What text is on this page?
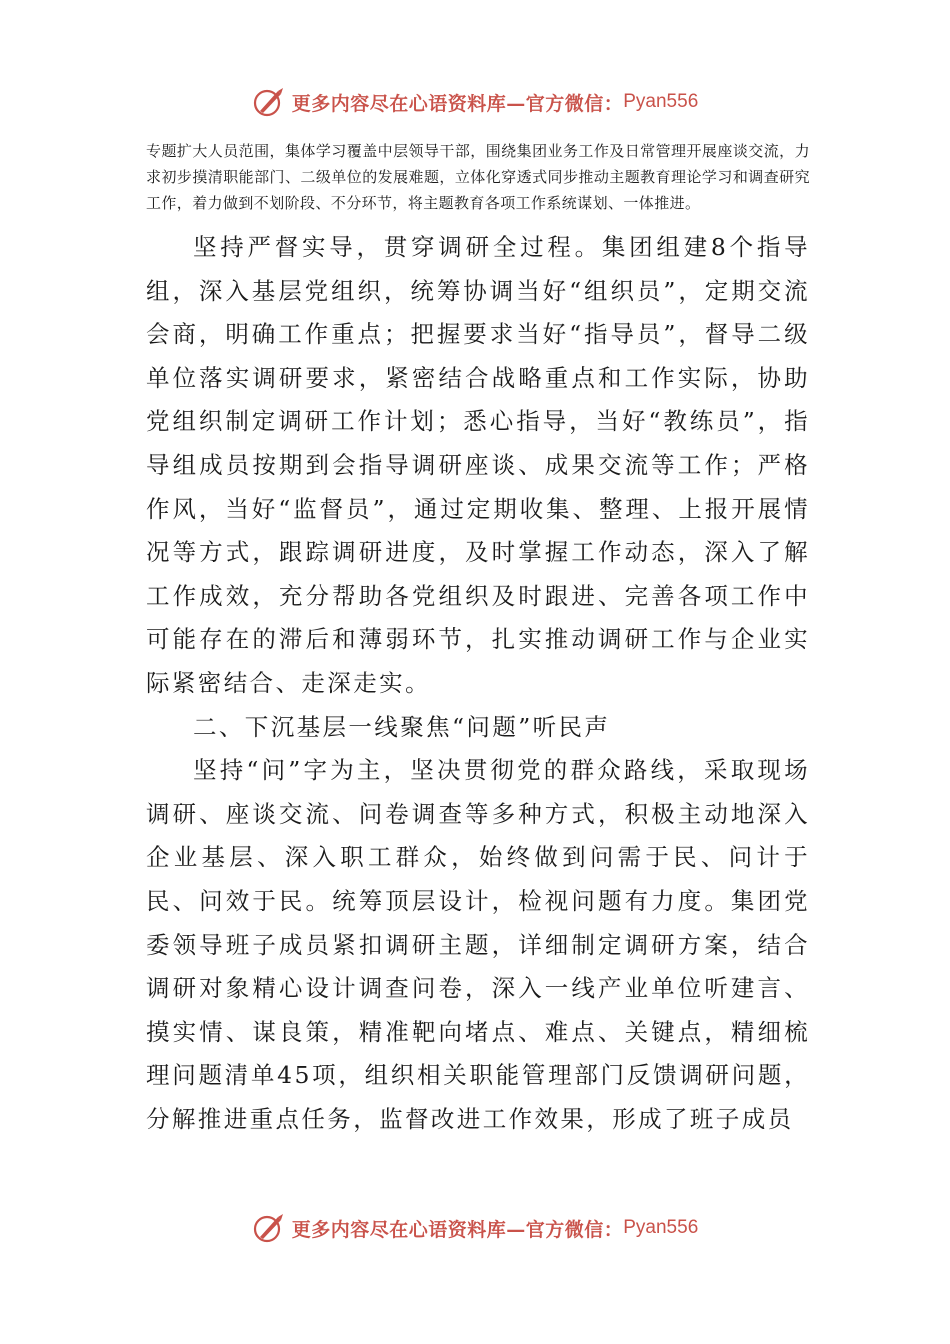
更多内容尽在心语资料库—官方微信： Pyan556

专题扩大人员范围，集体学习覆盖中层领导干部，围绕集团业务工作及日常管理开展座谈交流，力求初步摸清职能部门、二级单位的发展难题，立体化穿透式同步推动主题教育理论学习和调查研究工作，着力做到不划阶段、不分环节，将主题教育各项工作系统谋划、一体推进。

坚持严督实导，贯穿调研全过程。集团组建8个指导组，深入基层党组织，统筹协调当好“组织员”，定期交流会商，明确工作重点；把握要求当好“指导员”，督导二级单位落实调研要求，紧密结合战略重点和工作实际，协助党组织制定调研工作计划；悉心指导，当好“教练员”，指导组成员按期到会指导调研座谈、成果交流等工作；严格作风，当好“监督员”，通过定期收集、整理、上报开展情况等方式，跟踪调研进度，及时掌握工作动态，深入了解工作成效，充分帮助各党组织及时跟进、完善各项工作中可能存在的滞后和薄弱环节，扎实推动调研工作与企业实际紧密结合、走深走实。

二、下沉基层一线聚焦“问题”听民声

坚持“问”字为主，坚决贯彻党的群众路线，采取现场调研、座谈交流、问卷调查等多种方式，积极主动地深入企业基层、深入职工群众，始终做到问需于民、问计于民、问效于民。统筹顶层设计，检视问题有力度。集团党委领导班子成员紧扣调研主题，详细制定调研方案，结合调研对象精心设计调查问卷，深入一线产业单位听建言、摸实情、谋良策，精准靶向堵点、难点、关键点，精细梳理问题清单45项，组织相关职能管理部门反馈调研问题，分解推进重点任务，监督改进工作效果，形成了班子成员

更多内容尽在心语资料库—官方微信： Pyan556
